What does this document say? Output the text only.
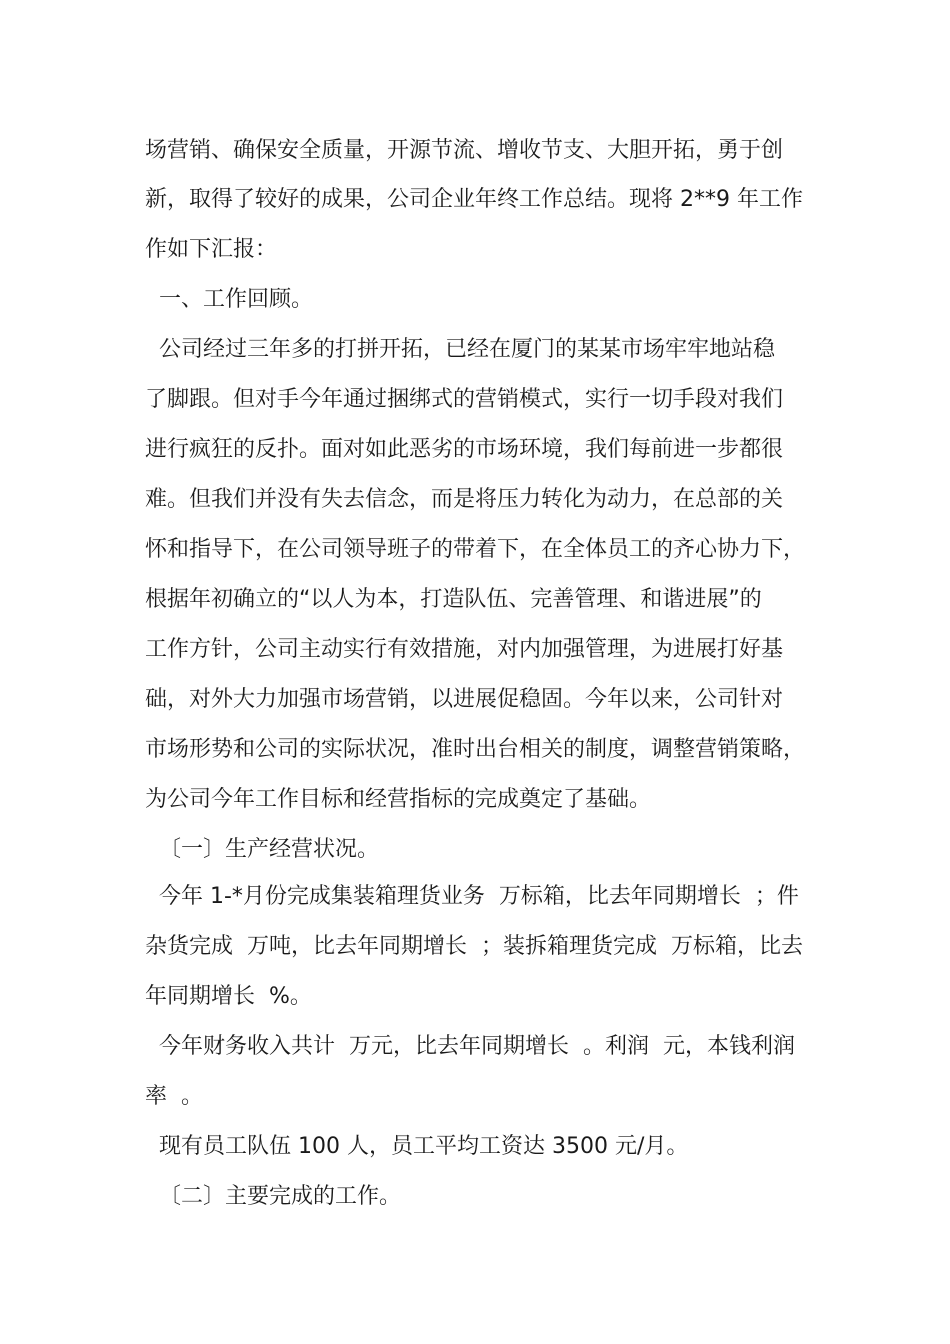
场营销、确保安全质量，开源节流、增收节支、大胆开拓，勇于创
新，取得了较好的成果，公司企业年终工作总结。现将 2**9 年工作
作如下汇报：
一、工作回顾。
公司经过三年多的打拼开拓，已经在厦门的某某市场牢牢地站稳
了脚跟。但对手今年通过捆绑式的营销模式，实行一切手段对我们
进行疯狂的反扑。面对如此恶劣的市场环境，我们每前进一步都很
难。但我们并没有失去信念，而是将压力转化为动力，在总部的关
怀和指导下，在公司领导班子的带着下，在全体员工的齐心协力下，
根据年初确立的“以人为本，打造队伍、完善管理、和谐进展”的
工作方针，公司主动实行有效措施，对内加强管理，为进展打好基
础，对外大力加强市场营销，以进展促稳固。今年以来，公司针对
市场形势和公司的实际状况，准时出台相关的制度，调整营销策略，
为公司今年工作目标和经营指标的完成奠定了基础。
〔一〕生产经营状况。
今年 1-*月份完成集装箱理货业务  万标箱，比去年同期增长  ；件
杂货完成  万吨，比去年同期增长  ；装拆箱理货完成  万标箱，比去
年同期增长  %。
今年财务收入共计  万元，比去年同期增长  。利润  元，本钱利润
率  。
现有员工队伍 100 人，员工平均工资达 3500 元/月。
〔二〕主要完成的工作。
